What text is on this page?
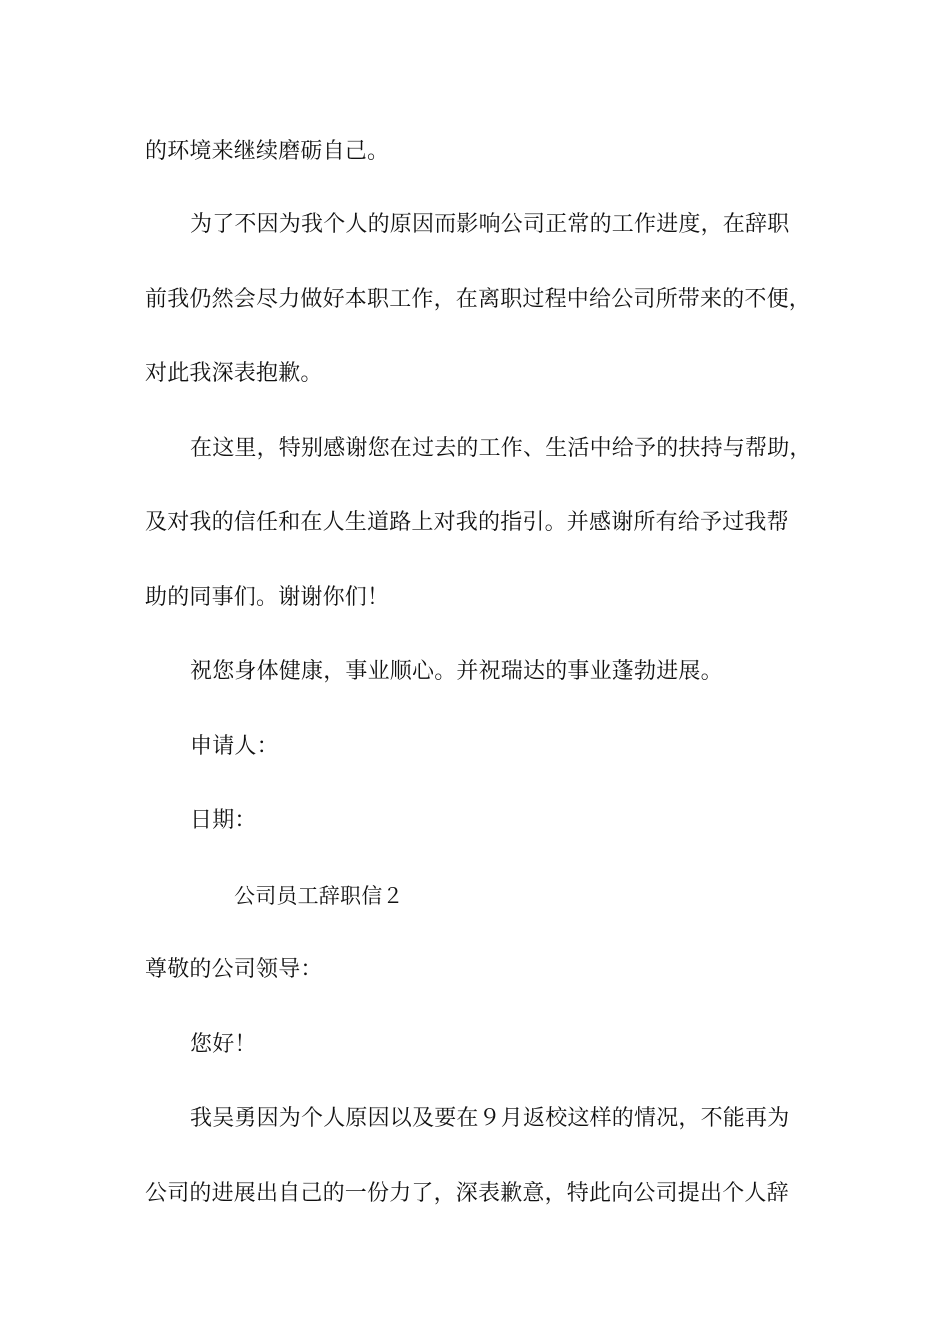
的环境来继续磨砺自己。
为了不因为我个人的原因而影响公司正常的工作进度，在辞职
前我仍然会尽力做好本职工作，在离职过程中给公司所带来的不便，
对此我深表抱歉。
在这里，特别感谢您在过去的工作、生活中给予的扶持与帮助，
及对我的信任和在人生道路上对我的指引。并感谢所有给予过我帮
助的同事们。谢谢你们！
祝您身体健康，事业顺心。并祝瑞达的事业蓬勃进展。
申请人：
日期：
公司员工辞职信２
尊敬的公司领导：
您好！
我吴勇因为个人原因以及要在９月返校这样的情况，不能再为
公司的进展出自己的一份力了，深表歉意，特此向公司提出个人辞
